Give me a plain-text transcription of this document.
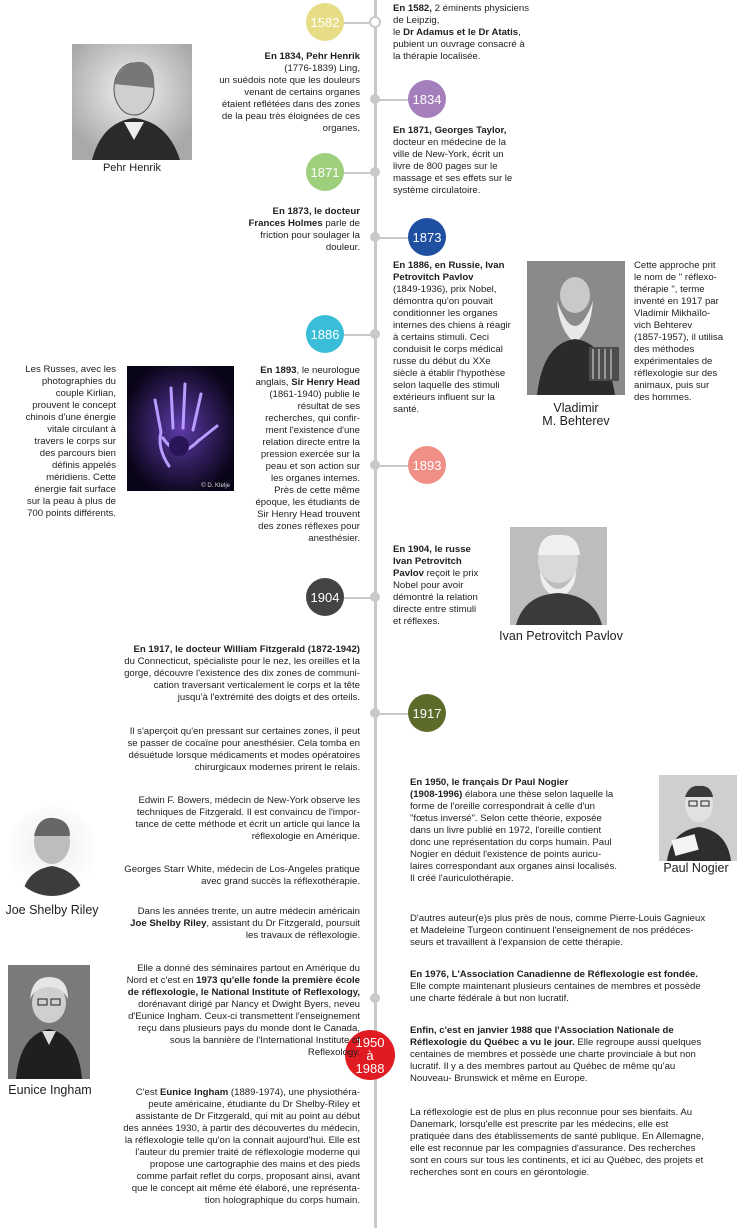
1582
1834
1871
1873
1886
1893
1904
1917
1950
à
1988
Pehr Henrik
Vladimir
M. Behterev
© D. Ktelje
Ivan Petrovitch Pavlov
Paul Nogier
Joe Shelby Riley
Eunice Ingham

En 1582, 2 éminents physiciens
de Leipzig,
le Dr Adamus et le Dr Atatis,
pubient un ouvrage consacré à
la thérapie localisée.

En 1834, Pehr Henrik
(1776-1839) Ling,
un suédois note que les douleurs
venant de certains organes
étaient reflétées dans des zones
de la peau très éloignées de ces
organes.	En 1871, Georges Taylor,
docteur en médecine de la
ville de New-York, écrit un
livre de 800 pages sur le
massage et ses effets sur le
système circulatoire.

En 1873, le docteur
Frances Holmes parle de
friction pour soulager la
douleur.

En 1886, en Russie, Ivan
Petrovitch Pavlov
(1849-1936), prix Nobel,
démontra qu'on pouvait
conditionner les organes
internes des chiens à réagir
à certains stimuli. Ceci
conduisit le corps médical
russe du début du XXe
siècle à établir l'hypothèse
selon laquelle des stimuli
extérieurs influent sur la
santé.

Cette approche prit
le nom de " réflexo-
thérapie ", terme
inventé en 1917 par
Vladimir Mikhaïlo-
vich Behterev
(1857-1957), il utilisa
des méthodes
expérimentales de
réflexologie sur des
animaux, puis sur
des hommes.

Les Russes, avec les
photographies du
couple Kirlian,
prouvent le concept
chinois d'une énergie
vitale circulant à
travers le corps sur
des parcours bien
définis appelés
méridiens. Cette
énergie fait surface
sur la peau à plus de
700 points différents.

En 1893, le neurologue
anglais, Sir Henry Head
(1861-1940) publie le
résultat de ses
recherches, qui confir-
ment l'existence d'une
relation directe entre la
pression exercée sur la
peau et son action sur
les organes internes.
Près de cette même
époque, les étudiants de
Sir Henry Head trouvent
des zones réflexes pour
anesthésier.

En 1904, le russe
Ivan Petrovitch
Pavlov reçoit le prix
Nobel pour avoir
démontré la relation
directe entre stimuli
et réflexes.

En 1917, le docteur William Fitzgerald (1872-1942)
du Connecticut, spécialiste pour le nez, les oreilles et la
gorge, découvre l'existence des dix zones de communi-
cation traversant verticalement le corps et la tête
jusqu'à l'extrémité des doigts et des orteils.

Il s'aperçoit qu'en pressant sur certaines zones, il peut
se passer de cocaïne pour anesthésier. Cela tomba en
désuétude lorsque médicaments et modes opératoires
chirurgicaux modernes prirent le relais.

Edwin F. Bowers, médecin de New-York observe les
techniques de Fitzgerald. Il est convaincu de l'impor-
tance de cette méthode et écrit un article qui lance la
réflexologie en Amérique.

Georges Starr White, médecin de Los-Angeles pratique
avec grand succès la réflexothérapie.

Dans les années trente, un autre médecin américain
Joe Shelby Riley, assistant du Dr Fitzgerald, poursuit
les travaux de réflexologie.

Elle a donné des séminaires partout en Amérique du
Nord et c'est en 1973 qu'elle fonde la première école
de réflexologie, le National Institute of Reflexology,
dorénavant dirigé par Nancy et Dwight Byers, neveu
d'Eunice Ingham. Ceux-ci transmettent l'enseignement
reçu dans plusieurs pays du monde dont le Canada,
sous la bannière de l'International Institute of
Reflexology.

C'est Eunice Ingham (1889-1974), une physiothéra-
peute américaine, étudiante du Dr Shelby-Riley et
assistante de Dr Fitzgerald, qui mit au point au début
des années 1930, à partir des découvertes du médecin,
la réflexologie telle qu'on la connait aujourd'hui. Elle est
l'auteur du premier traité de réflexologie moderne qui
propose une cartographie des mains et des pieds
comme parfait reflet du corps, proposant ainsi, avant
que le concept ait même été élaboré, une représenta-
tion holographique du corps humain.

En 1950, le français Dr Paul Nogier
(1908-1996) élabora une thèse selon laquelle la
forme de l'oreille correspondrait à celle d'un
"fœtus inversé". Selon cette théorie, exposée
dans un livre publié en 1972, l'oreille contient
donc une représentation du corps humain. Paul
Nogier en déduit l'existence de points auricu-
laires correspondant aux organes ainsi localisés.
Il créé l'auriculothérapie.

D'autres auteur(e)s plus près de nous, comme Pierre-Louis Gagnieux
et Madeleine Turgeon continuent l'enseignement de nos prédéces-
seurs et travaillent à l'expansion de cette thérapie.

En 1976, L'Association Canadienne de Réflexologie est fondée.
Elle compte maintenant plusieurs centaines de membres et possède
une charte fédérale à but non lucratif.

Enfin, c'est en janvier 1988 que l'Association Nationale de
Réflexologie du Québec a vu le jour. Elle regroupe aussi quelques
centaines de membres et possède une charte provinciale à but non
lucratif. Il y a des membres partout au Québec de même qu'au
Nouveau- Brunswick et même en Europe.

La réflexologie est de plus en plus reconnue pour ses bienfaits. Au
Danemark, lorsqu'elle est prescrite par les médecins, elle est
pratiquée dans des établissements de santé publique. En Allemagne,
elle est reconnue par les compagnies d'assurance. Des recherches
sont en cours sur tous les continents, et ici au Québec, des projets et
recherches sont en cours en gérontologie.
